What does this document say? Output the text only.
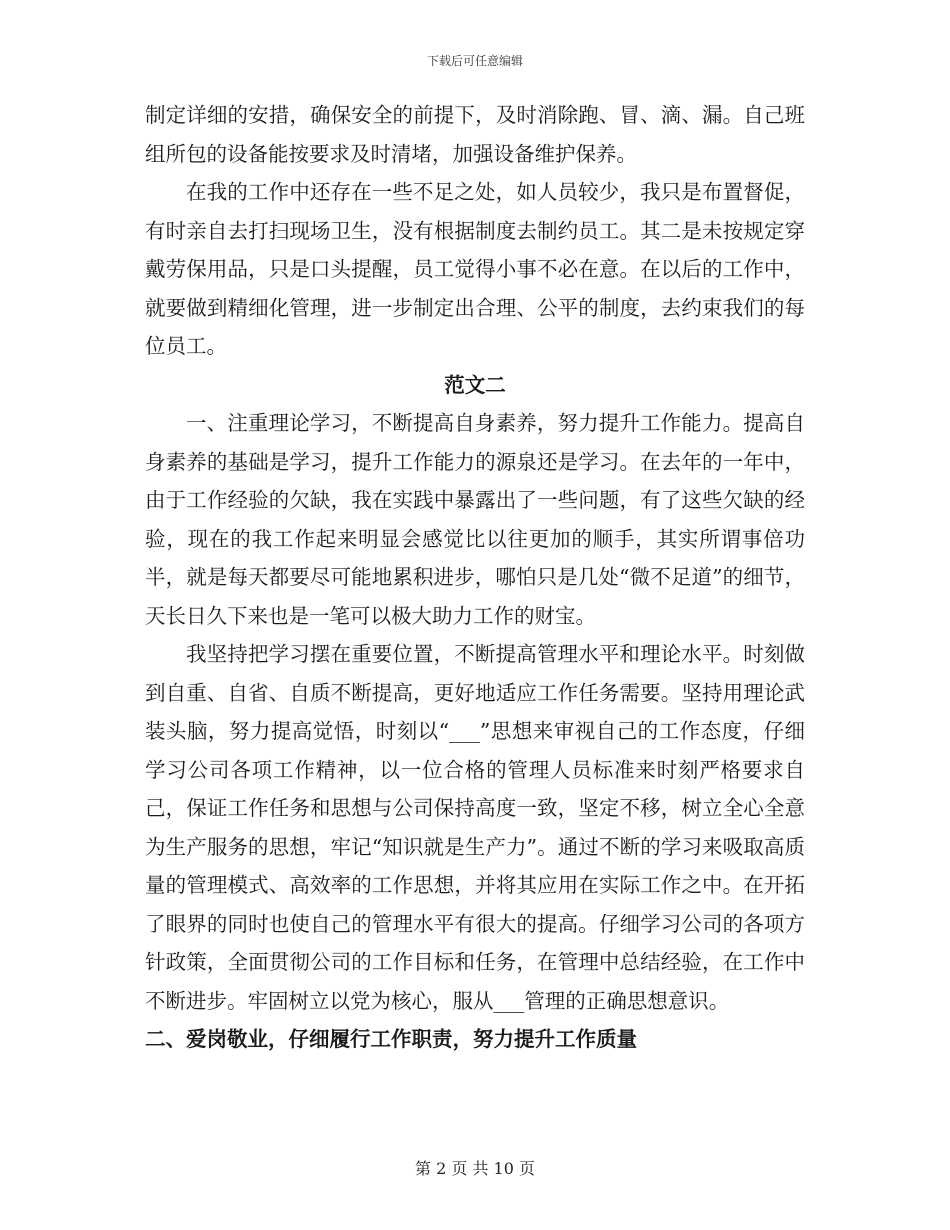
下载后可任意编辑

制定详细的安措，确保安全的前提下，及时消除跑、冒、滴、漏。自己班组所包的设备能按要求及时清堵，加强设备维护保养。

在我的工作中还存在一些不足之处，如人员较少，我只是布置督促，有时亲自去打扫现场卫生，没有根据制度去制约员工。其二是未按规定穿戴劳保用品，只是口头提醒，员工觉得小事不必在意。在以后的工作中，就要做到精细化管理，进一步制定出合理、公平的制度，去约束我们的每位员工。

范文二

一、注重理论学习，不断提高自身素养，努力提升工作能力。提高自身素养的基础是学习，提升工作能力的源泉还是学习。在去年的一年中，由于工作经验的欠缺，我在实践中暴露出了一些问题，有了这些欠缺的经验，现在的我工作起来明显会感觉比以往更加的顺手，其实所谓事倍功半，就是每天都要尽可能地累积进步，哪怕只是几处“微不足道”的细节，天长日久下来也是一笔可以极大助力工作的财宝。

我坚持把学习摆在重要位置，不断提高管理水平和理论水平。时刻做到自重、自省、自质不断提高，更好地适应工作任务需要。坚持用理论武装头脑，努力提高觉悟，时刻以“___”思想来审视自己的工作态度，仔细学习公司各项工作精神，以一位合格的管理人员标准来时刻严格要求自己，保证工作任务和思想与公司保持高度一致，坚定不移，树立全心全意为生产服务的思想，牢记“知识就是生产力”。通过不断的学习来吸取高质量的管理模式、高效率的工作思想，并将其应用在实际工作之中。在开拓了眼界的同时也使自己的管理水平有很大的提高。仔细学习公司的各项方针政策，全面贯彻公司的工作目标和任务，在管理中总结经验，在工作中不断进步。牢固树立以党为核心，服从___管理的正确思想意识。

二、爱岗敬业，仔细履行工作职责，努力提升工作质量

第 2 页 共 10 页
